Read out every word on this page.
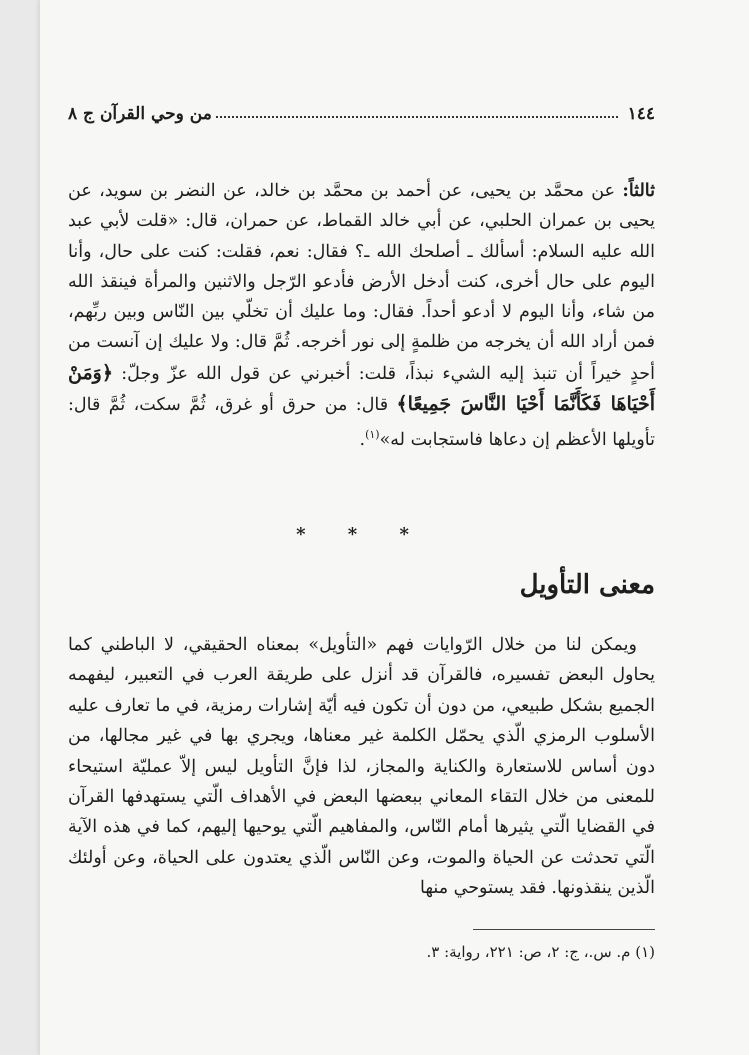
١٤٤
من وحي القرآن ج ٨

ثالثاً: عن محمَّد بن يحيى، عن أحمد بن محمَّد بن خالد، عن النضر بن سويد، عن يحيى بن عمران الحلبي، عن أبي خالد القماط، عن حمران، قال: «قلت لأبي عبد الله عليه السلام: أسألك ـ أصلحك الله ـ؟ فقال: نعم، فقلت: كنت على حال، وأنا اليوم على حال أخرى، كنت أدخل الأرض فأدعو الرّجل والاثنين والمرأة فينقذ الله من شاء، وأنا اليوم لا أدعو أحداً. فقال: وما عليك أن تخلّي بين النّاس وبين ربِّهم، فمن أراد الله أن يخرجه من ظلمةٍ إلى نور أخرجه. ثُمَّ قال: ولا عليك إن آنست من أحدٍ خيراً أن تنبذ إليه الشيء نبذاً، قلت: أخبرني عن قول الله عزّ وجلّ: ﴿وَمَنْ أَحْيَاهَا فَكَأَنَّمَا أَحْيَا النَّاسَ جَمِيعًا﴾ قال: من حرق أو غرق، ثُمَّ سكت، ثُمَّ قال: تأويلها الأعظم إن دعاها فاستجابت له»$^{(١)}$.

* * *
معنى التأويل

ويمكن لنا من خلال الرّوايات فهم «التأويل» بمعناه الحقيقي، لا الباطني كما يحاول البعض تفسيره، فالقرآن قد أنزل على طريقة العرب في التعبير، ليفهمه الجميع بشكل طبيعي، من دون أن تكون فيه أيّة إشارات رمزية، في ما تعارف عليه الأسلوب الرمزي الّذي يحمّل الكلمة غير معناها، ويجري بها في غير مجالها، من دون أساس للاستعارة والكناية والمجاز، لذا فإنَّ التأويل ليس إلاّ عمليّة استيحاء للمعنى من خلال التقاء المعاني ببعضها البعض في الأهداف الّتي يستهدفها القرآن في القضايا الّتي يثيرها أمام النّاس، والمفاهيم الّتي يوحيها إليهم، كما في هذه الآية الّتي تحدثت عن الحياة والموت، وعن النّاس الّذي يعتدون على الحياة، وعن أولئك الّذين ينقذونها. فقد يستوحي منها

(١) م. س.، ج: ٢، ص: ٢٢١، رواية: ٣.
